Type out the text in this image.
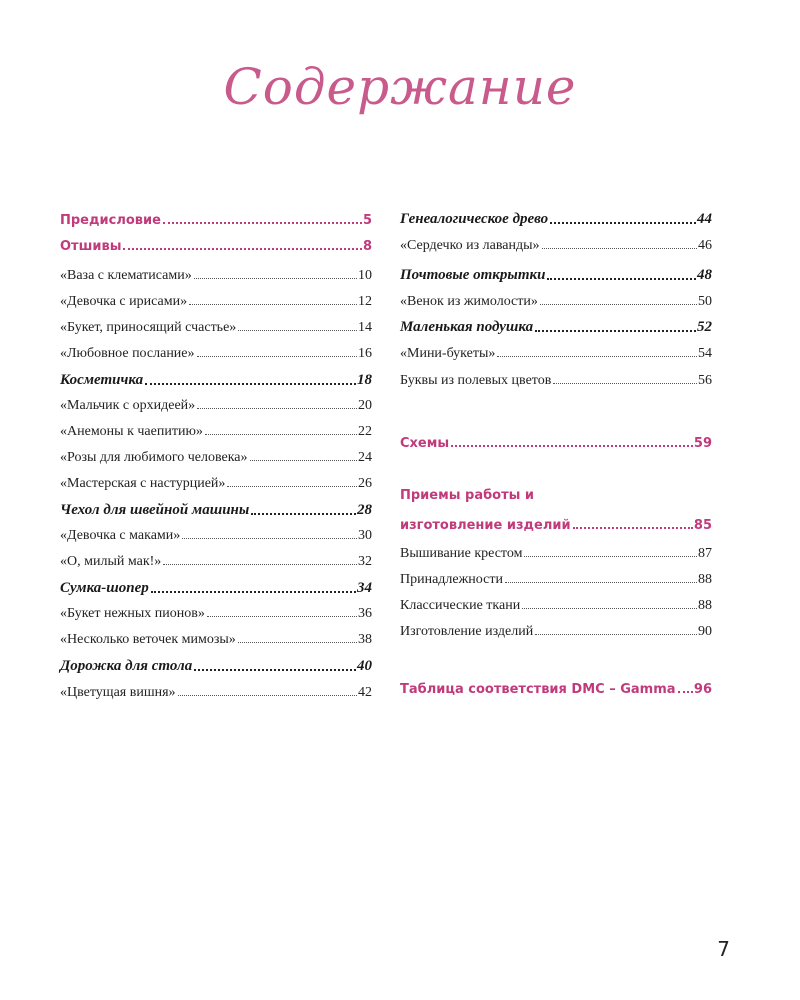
Содержание
Предисловие	5
Отшивы	8
«Ваза с клематисами»	10
«Девочка с ирисами»	12
«Букет, приносящий счастье»	14
«Любовное послание»	16
Косметичка	18
«Мальчик с орхидеей»	20
«Анемоны к чаепитию»	22
«Розы для любимого человека»	24
«Мастерская с настурцией»	26
Чехол для швейной машины	28
«Девочка с маками»	30
«О, милый мак!»	32
Сумка-шопер	34
«Букет нежных пионов»	36
«Несколько веточек мимозы»	38
Дорожка для стола	40
«Цветущая вишня»	42
Генеалогическое древо	44
«Сердечко из лаванды»	46
Почтовые открытки	48
«Венок из жимолости»	50
Маленькая подушка	52
«Мини-букеты»	54
Буквы из полевых цветов	56
Схемы	59
Приемы работы и
изготовление изделий	85
Вышивание крестом	87
Принадлежности	88
Классические ткани	88
Изготовление изделий	90
Таблица соответствия DMC – Gamma 96
7
